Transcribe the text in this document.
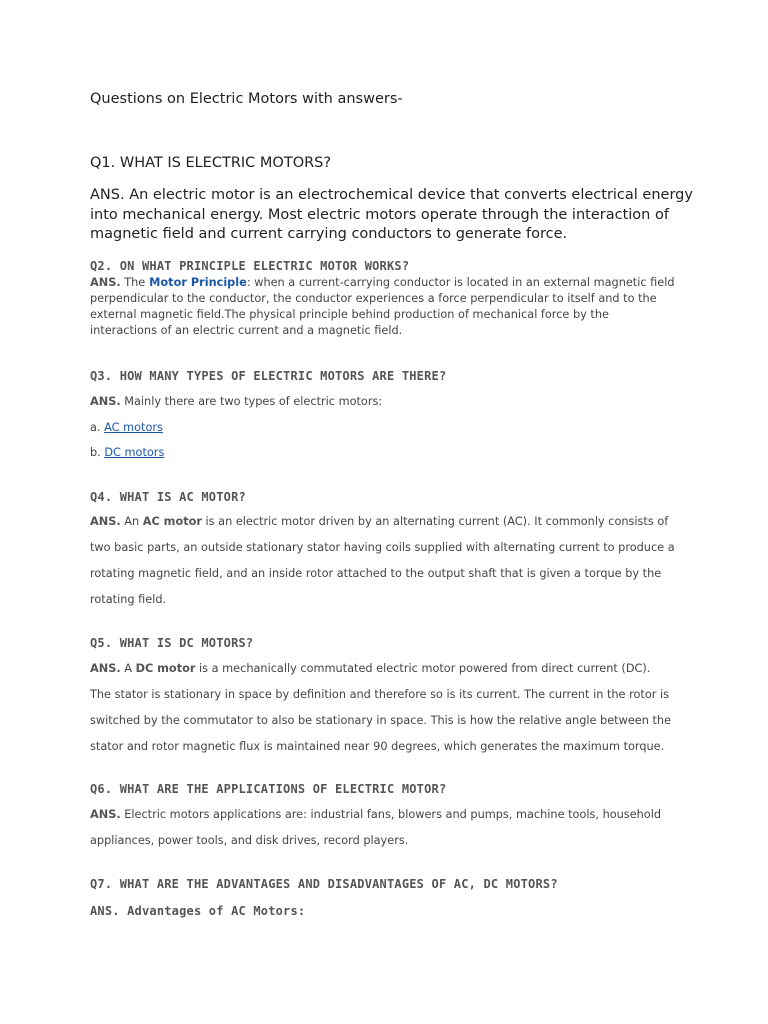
Questions on Electric Motors with answers-
Q1. WHAT IS ELECTRIC MOTORS?
ANS. An electric motor is an electrochemical device that converts electrical energy
into mechanical energy. Most electric motors operate through the interaction of
magnetic field and current carrying conductors to generate force.
Q2. ON WHAT PRINCIPLE ELECTRIC MOTOR WORKS?
ANS. The Motor Principle: when a current-carrying conductor is located in an external magnetic field
perpendicular to the conductor, the conductor experiences a force perpendicular to itself and to the
external magnetic field.The physical principle behind production of mechanical force by the
interactions of an electric current and a magnetic field.
Q3. HOW MANY TYPES OF ELECTRIC MOTORS ARE THERE?
ANS. Mainly there are two types of electric motors:
a. AC motors
b. DC motors
Q4. WHAT IS AC MOTOR?
ANS. An AC motor is an electric motor driven by an alternating current (AC). It commonly consists of
two basic parts, an outside stationary stator having coils supplied with alternating current to produce a
rotating magnetic field, and an inside rotor attached to the output shaft that is given a torque by the
rotating field.
Q5. WHAT IS DC MOTORS?
ANS. A DC motor is a mechanically commutated electric motor powered from direct current (DC).
The stator is stationary in space by definition and therefore so is its current. The current in the rotor is
switched by the commutator to also be stationary in space. This is how the relative angle between the
stator and rotor magnetic flux is maintained near 90 degrees, which generates the maximum torque.
Q6. WHAT ARE THE APPLICATIONS OF ELECTRIC MOTOR?
ANS. Electric motors applications are: industrial fans, blowers and pumps, machine tools, household
appliances, power tools, and disk drives, record players.
Q7. WHAT ARE THE ADVANTAGES AND DISADVANTAGES OF AC, DC MOTORS?
ANS. Advantages of AC Motors:
